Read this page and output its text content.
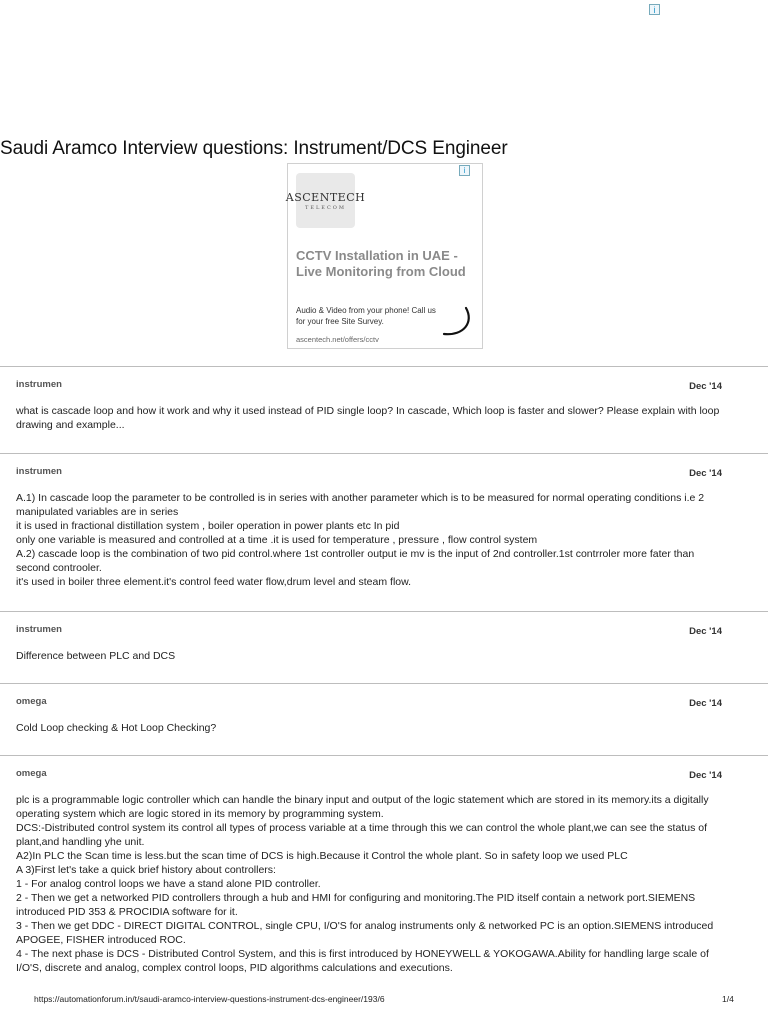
i
Saudi Aramco Interview questions: Instrument/DCS Engineer
i
ASCENTECH
TELECOM
CCTV Installation in UAE - Live Monitoring from Cloud
Audio & Video from your phone! Call us for your free Site Survey.
ascentech.net/offers/cctv
instrumen	Dec '14

what is cascade loop and how it work and why it used instead of PID single loop? In cascade, Which loop is faster and slower? Please explain with loop drawing and example...

instrumen	Dec '14

A.1) In cascade loop the parameter to be controlled is in series with another parameter which is to be measured for normal operating conditions i.e 2 manipulated variables are in series

it is used in fractional distillation system , boiler operation in power plants etc In pid

only one variable is measured and controlled at a time .it is used for temperature , pressure , flow control system

A.2) cascade loop is the combination of two pid control.where 1st controller output ie mv is the input of 2nd controller.1st contrroler more fater than second controoler.

it's used in boiler three element.it's control feed water flow,drum level and steam flow.

instrumen	Dec '14

Difference between PLC and DCS

omega	Dec '14

Cold Loop checking & Hot Loop Checking?

omega	Dec '14

plc is a programmable logic controller which can handle the binary input and output of the logic statement which are stored in its memory.its a digitally operating system which are logic stored in its memory by programming system.

DCS:-Distributed control system its control all types of process variable at a time through this we can control the whole plant,we can see the status of plant,and handling yhe unit.

A2)In PLC the Scan time is less.but the scan time of DCS is high.Because it Control the whole plant. So in safety loop we used PLC

A 3)First let's take a quick brief history about controllers:

1 - For analog control loops we have a stand alone PID controller.

2 - Then we get a networked PID controllers through a hub and HMI for configuring and monitoring.The PID itself contain a network port.SIEMENS introduced PID 353 & PROCIDIA software for it.

3 - Then we get DDC - DIRECT DIGITAL CONTROL, single CPU, I/O'S for analog instruments only & networked PC is an option.SIEMENS introduced APOGEE, FISHER introduced ROC.

4 - The next phase is DCS - Distributed Control System, and this is first introduced by HONEYWELL & YOKOGAWA.Ability for handling large scale of I/O'S, discrete and analog, complex control loops, PID algorithms calculations and executions.

https://automationforum.in/t/saudi-aramco-interview-questions-instrument-dcs-engineer/193/6	1/4
